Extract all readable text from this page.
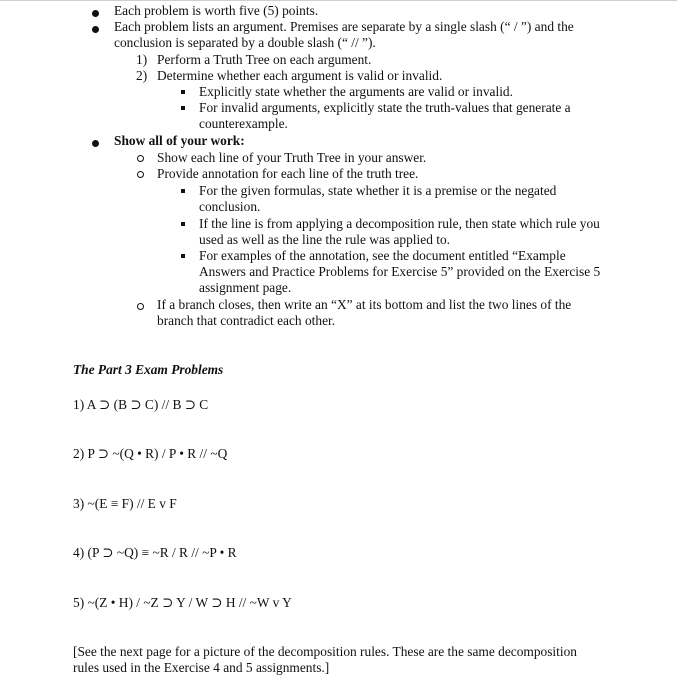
Each problem is worth five (5) points.
Each problem lists an argument. Premises are separate by a single slash (“ / ”) and the
conclusion is separated by a double slash (“ // ”).
1) Perform a Truth Tree on each argument.
2) Determine whether each argument is valid or invalid.
Explicitly state whether the arguments are valid or invalid.
For invalid arguments, explicitly state the truth-values that generate a
counterexample.
Show all of your work:
Show each line of your Truth Tree in your answer.
Provide annotation for each line of the truth tree.
For the given formulas, state whether it is a premise or the negated
conclusion.
If the line is from applying a decomposition rule, then state which rule you
used as well as the line the rule was applied to.
For examples of the annotation, see the document entitled “Example
Answers and Practice Problems for Exercise 5” provided on the Exercise 5
assignment page.
If a branch closes, then write an “X” at its bottom and list the two lines of the
branch that contradict each other.
The Part 3 Exam Problems
1) A ⊃ (B ⊃ C) // B ⊃ C
2) P ⊃ ~(Q • R) / P • R // ~Q
3) ~(E ≡ F) // E v F
4) (P ⊃ ~Q) ≡ ~R / R // ~P • R
5) ~(Z • H) / ~Z ⊃ Y / W ⊃ H // ~W v Y
[See the next page for a picture of the decomposition rules. These are the same decomposition
rules used in the Exercise 4 and 5 assignments.]
